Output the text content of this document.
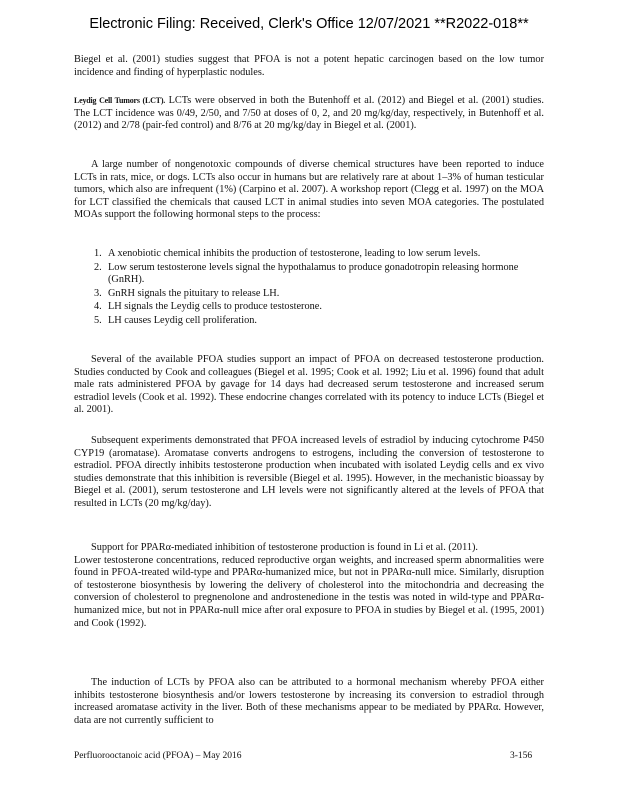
Electronic Filing: Received, Clerk's Office 12/07/2021 **R2022-018**
Biegel et al. (2001) studies suggest that PFOA is not a potent hepatic carcinogen based on the low tumor incidence and finding of hyperplastic nodules.
Leydig Cell Tumors (LCT). LCTs were observed in both the Butenhoff et al. (2012) and Biegel et al. (2001) studies. The LCT incidence was 0/49, 2/50, and 7/50 at doses of 0, 2, and 20 mg/kg/day, respectively, in Butenhoff et al. (2012) and 2/78 (pair-fed control) and 8/76 at 20 mg/kg/day in Biegel et al. (2001).
A large number of nongenotoxic compounds of diverse chemical structures have been reported to induce LCTs in rats, mice, or dogs. LCTs also occur in humans but are relatively rare at about 1–3% of human testicular tumors, which also are infrequent (1%) (Carpino et al. 2007). A workshop report (Clegg et al. 1997) on the MOA for LCT classified the chemicals that caused LCT in animal studies into seven MOA categories. The postulated MOAs support the following hormonal steps to the process:
1. A xenobiotic chemical inhibits the production of testosterone, leading to low serum levels.
2. Low serum testosterone levels signal the hypothalamus to produce gonadotropin releasing hormone (GnRH).
3. GnRH signals the pituitary to release LH.
4. LH signals the Leydig cells to produce testosterone.
5. LH causes Leydig cell proliferation.
Several of the available PFOA studies support an impact of PFOA on decreased testosterone production. Studies conducted by Cook and colleagues (Biegel et al. 1995; Cook et al. 1992; Liu et al. 1996) found that adult male rats administered PFOA by gavage for 14 days had decreased serum testosterone and increased serum estradiol levels (Cook et al. 1992). These endocrine changes correlated with its potency to induce LCTs (Biegel et al. 2001).
Subsequent experiments demonstrated that PFOA increased levels of estradiol by inducing cytochrome P450 CYP19 (aromatase). Aromatase converts androgens to estrogens, including the conversion of testosterone to estradiol. PFOA directly inhibits testosterone production when incubated with isolated Leydig cells and ex vivo studies demonstrate that this inhibition is reversible (Biegel et al. 1995). However, in the mechanistic bioassay by Biegel et al. (2001), serum testosterone and LH levels were not significantly altered at the levels of PFOA that resulted in LCTs (20 mg/kg/day).
Support for PPARα-mediated inhibition of testosterone production is found in Li et al. (2011).
Lower testosterone concentrations, reduced reproductive organ weights, and increased sperm abnormalities were found in PFOA-treated wild-type and PPARα-humanized mice, but not in PPARα-null mice. Similarly, disruption of testosterone biosynthesis by lowering the delivery of cholesterol into the mitochondria and decreasing the conversion of cholesterol to pregnenolone and androstenedione in the testis was noted in wild-type and PPARα-humanized mice, but not in PPARα-null mice after oral exposure to PFOA in studies by Biegel et al. (1995, 2001) and Cook (1992).
The induction of LCTs by PFOA also can be attributed to a hormonal mechanism whereby PFOA either inhibits testosterone biosynthesis and/or lowers testosterone by increasing its conversion to estradiol through increased aromatase activity in the liver. Both of these mechanisms appear to be mediated by PPARα. However, data are not currently sufficient to
Perfluorooctanoic acid (PFOA) – May 2016	3-156
